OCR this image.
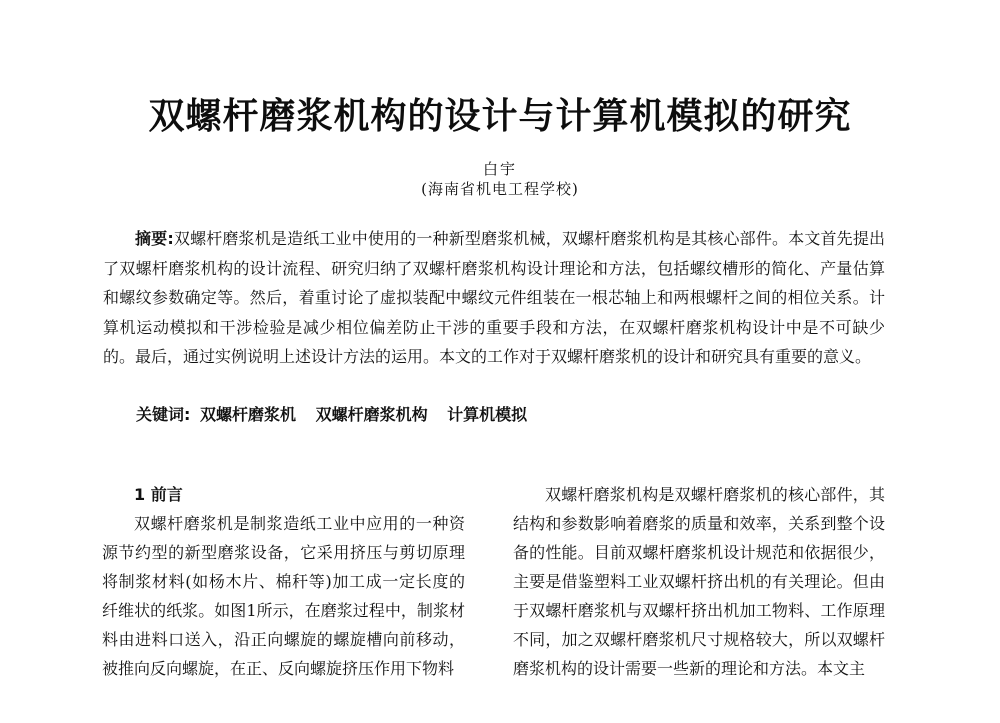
双螺杆磨浆机构的设计与计算机模拟的研究
白宇
(海南省机电工程学校)
摘要:双螺杆磨浆机是造纸工业中使用的一种新型磨浆机械，双螺杆磨浆机构是其核心部件。本文首先提出了双螺杆磨浆机构的设计流程、研究归纳了双螺杆磨浆机构设计理论和方法，包括螺纹槽形的简化、产量估算和螺纹参数确定等。然后，着重讨论了虚拟装配中螺纹元件组装在一根芯轴上和两根螺杆之间的相位关系。计算机运动模拟和干涉检验是减少相位偏差防止干涉的重要手段和方法，在双螺杆磨浆机构设计中是不可缺少的。最后，通过实例说明上述设计方法的运用。本文的工作对于双螺杆磨浆机的设计和研究具有重要的意义。
关键词: 双螺杆磨浆机 双螺杆磨浆机构 计算机模拟
1 前言

双螺杆磨浆机是制浆造纸工业中应用的一种资源节约型的新型磨浆设备，它采用挤压与剪切原理将制浆材料(如杨木片、棉秆等)加工成一定长度的纤维状的纸浆。如图1所示，在磨浆过程中，制浆材料由进料口送入，沿正向螺旋的螺旋槽向前移动，被推向反向螺旋，在正、反向螺旋挤压作用下物料

双螺杆磨浆机构是双螺杆磨浆机的核心部件，其结构和参数影响着磨浆的质量和效率，关系到整个设备的性能。目前双螺杆磨浆机设计规范和依据很少，主要是借鉴塑料工业双螺杆挤出机的有关理论。但由于双螺杆磨浆机与双螺杆挤出机加工物料、工作原理不同，加之双螺杆磨浆机尺寸规格较大，所以双螺杆磨浆机构的设计需要一些新的理论和方法。本文主
